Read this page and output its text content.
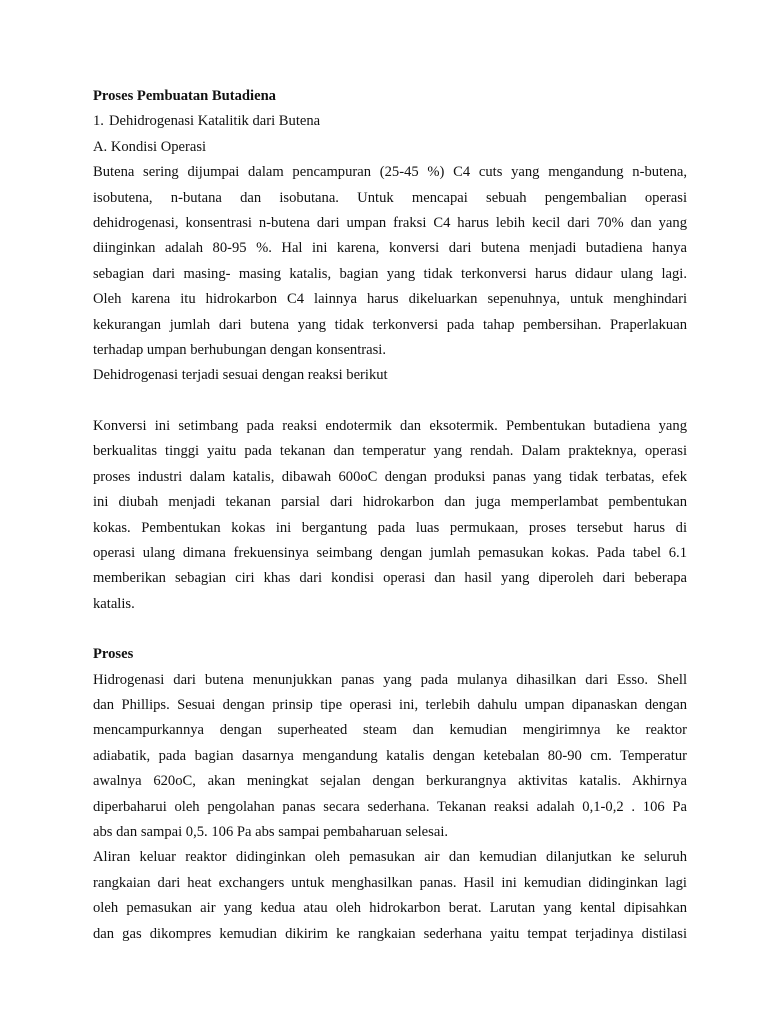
Proses Pembuatan Butadiena
1. Dehidrogenasi Katalitik dari Butena
A. Kondisi Operasi
Butena sering dijumpai dalam pencampuran (25-45 %) C4 cuts yang mengandung n-butena,
isobutena, n-butana dan isobutana. Untuk mencapai sebuah pengembalian operasi
dehidrogenasi, konsentrasi n-butena dari umpan fraksi C4 harus lebih kecil dari 70% dan yang
diinginkan adalah 80-95 %. Hal ini karena, konversi dari butena menjadi butadiena hanya
sebagian dari masing- masing katalis, bagian yang tidak terkonversi harus didaur ulang lagi.
Oleh karena itu hidrokarbon C4 lainnya harus dikeluarkan sepenuhnya, untuk menghindari
kekurangan jumlah dari butena yang tidak terkonversi pada tahap pembersihan. Praperlakuan
terhadap umpan berhubungan dengan konsentrasi.
Dehidrogenasi terjadi sesuai dengan reaksi berikut
Konversi ini setimbang pada reaksi endotermik dan eksotermik. Pembentukan butadiena yang
berkualitas tinggi yaitu pada tekanan dan temperatur yang rendah. Dalam prakteknya, operasi
proses industri dalam katalis, dibawah 600oC dengan produksi panas yang tidak terbatas, efek
ini diubah menjadi tekanan parsial dari hidrokarbon dan juga memperlambat pembentukan
kokas. Pembentukan kokas ini bergantung pada luas permukaan, proses tersebut harus di
operasi ulang dimana frekuensinya seimbang dengan jumlah pemasukan kokas. Pada tabel 6.1
memberikan sebagian ciri khas dari kondisi operasi dan hasil yang diperoleh dari beberapa
katalis.
Proses
Hidrogenasi dari butena menunjukkan panas yang pada mulanya dihasilkan dari Esso. Shell
dan Phillips. Sesuai dengan prinsip tipe operasi ini, terlebih dahulu umpan dipanaskan dengan
mencampurkannya dengan superheated steam dan kemudian mengirimnya ke reaktor
adiabatik, pada bagian dasarnya mengandung katalis dengan ketebalan 80-90 cm. Temperatur
awalnya 620oC, akan meningkat sejalan dengan berkurangnya aktivitas katalis. Akhirnya
diperbaharui oleh pengolahan panas secara sederhana. Tekanan reaksi adalah 0,1-0,2 . 106 Pa
abs dan sampai 0,5. 106 Pa abs sampai pembaharuan selesai.
Aliran keluar reaktor didinginkan oleh pemasukan air dan kemudian dilanjutkan ke seluruh
rangkaian dari heat exchangers untuk menghasilkan panas. Hasil ini kemudian didinginkan lagi
oleh pemasukan air yang kedua atau oleh hidrokarbon berat. Larutan yang kental dipisahkan
dan gas dikompres kemudian dikirim ke rangkaian sederhana yaitu tempat terjadinya distilasi
